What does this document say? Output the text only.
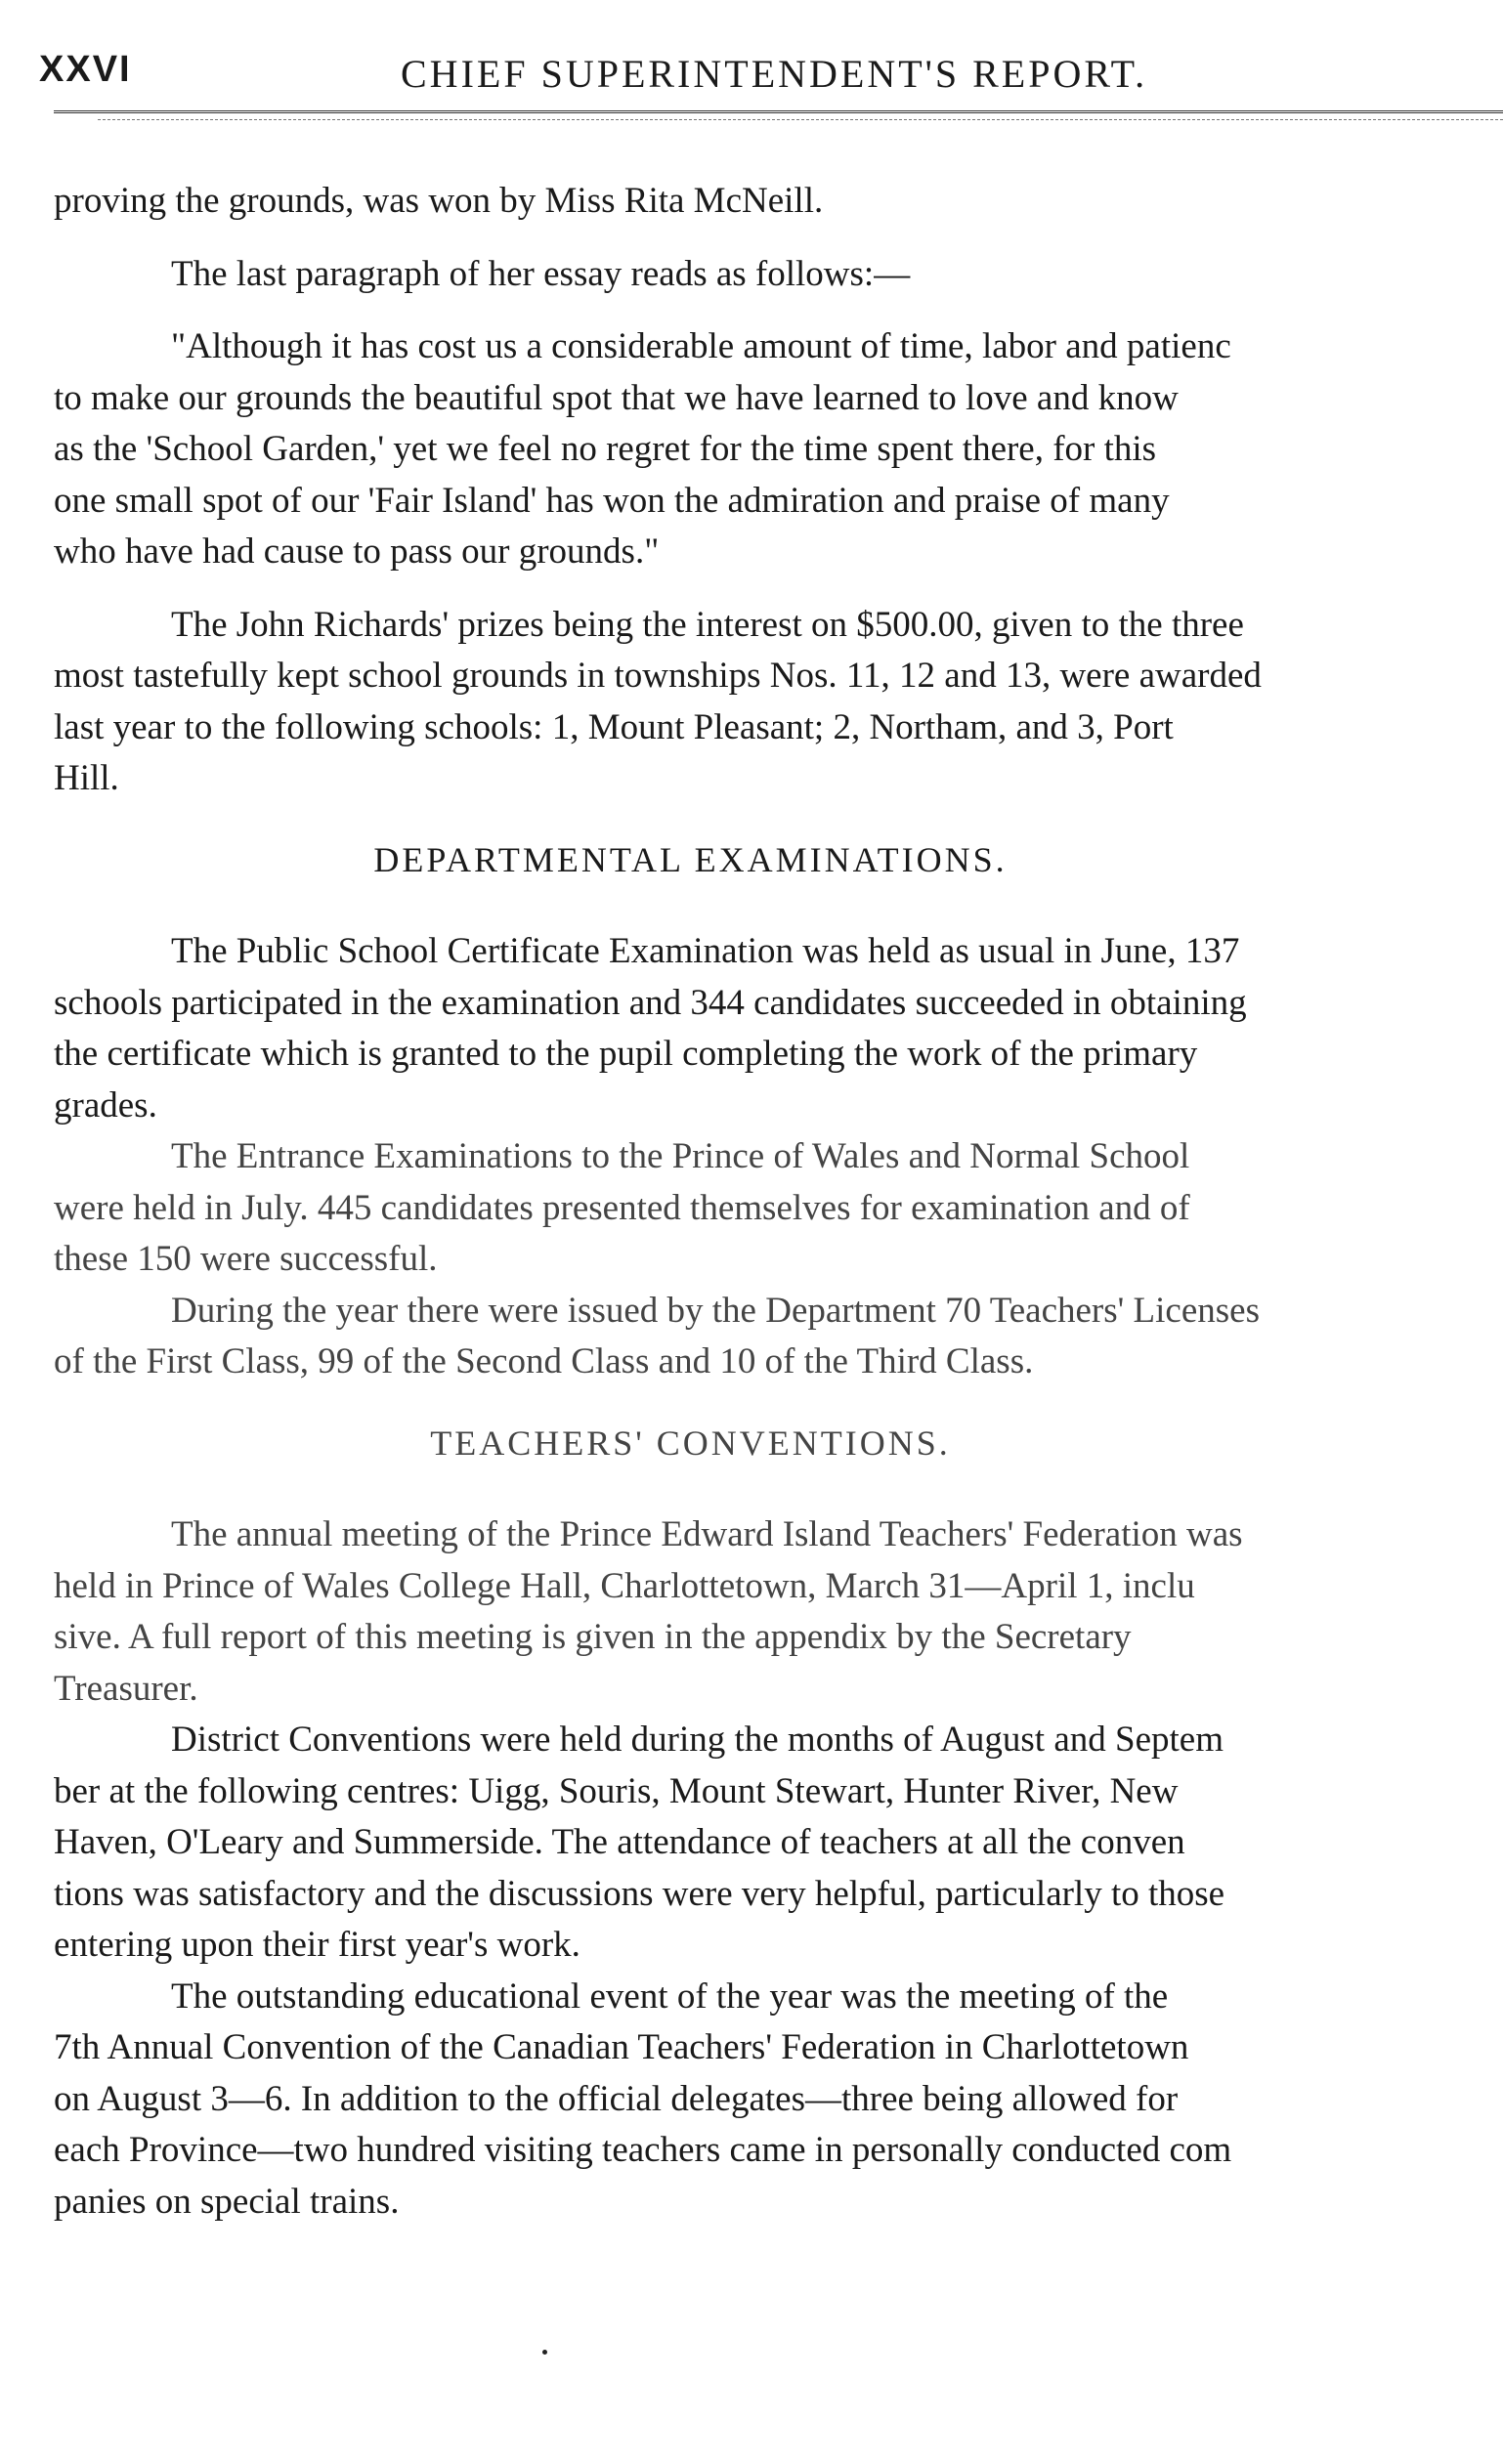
XXVI	CHIEF SUPERINTENDENT'S REPORT.
proving the grounds, was won by Miss Rita McNeill.
The last paragraph of her essay reads as follows:—
"Although it has cost us a considerable amount of time, labor and patienc
to make our grounds the beautiful spot that we have learned to love and know
as the 'School Garden,' yet we feel no regret for the time spent there, for this
one small spot of our 'Fair Island' has won the admiration and praise of many
who have had cause to pass our grounds."
The John Richards' prizes being the interest on $500.00, given to the three
most tastefully kept school grounds in townships Nos. 11, 12 and 13, were awarded
last year to the following schools: 1, Mount Pleasant; 2, Northam, and 3, Port
Hill.
DEPARTMENTAL EXAMINATIONS.
The Public School Certificate Examination was held as usual in June, 137
schools participated in the examination and 344 candidates succeeded in obtaining
the certificate which is granted to the pupil completing the work of the primary
grades.
The Entrance Examinations to the Prince of Wales and Normal School
were held in July. 445 candidates presented themselves for examination and of
these 150 were successful.
During the year there were issued by the Department 70 Teachers' Licenses
of the First Class, 99 of the Second Class and 10 of the Third Class.
TEACHERS' CONVENTIONS.
The annual meeting of the Prince Edward Island Teachers' Federation was
held in Prince of Wales College Hall, Charlottetown, March 31—April 1, inclu
sive. A full report of this meeting is given in the appendix by the Secretary
Treasurer.
District Conventions were held during the months of August and Septem
ber at the following centres: Uigg, Souris, Mount Stewart, Hunter River, New
Haven, O'Leary and Summerside. The attendance of teachers at all the conven
tions was satisfactory and the discussions were very helpful, particularly to those
entering upon their first year's work.
The outstanding educational event of the year was the meeting of the
7th Annual Convention of the Canadian Teachers' Federation in Charlottetown
on August 3—6. In addition to the official delegates—three being allowed for
each Province—two hundred visiting teachers came in personally conducted com
panies on special trains.
